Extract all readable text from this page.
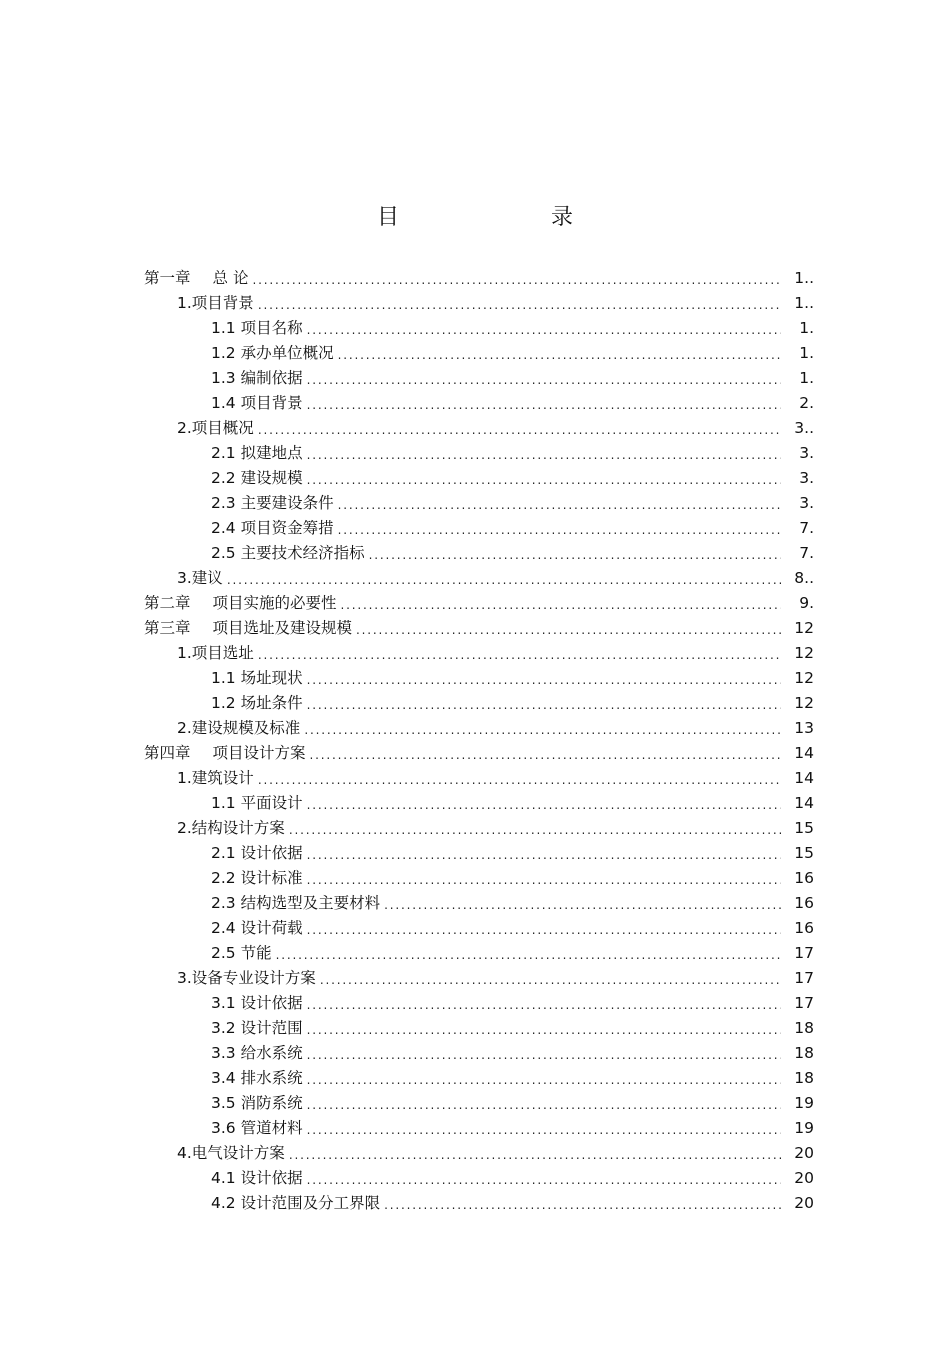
目　　录
第一章 总 论 . . .	1..
1.项目背景 . . .	1..
1.1 项目名称 . . .	1.
1.2 承办单位概况 . . .	1.
1.3 编制依据 . . .	1.
1.4 项目背景 . . .	2.
2.项目概况 . . .	3..
2.1 拟建地点 . . .	3.
2.2 建设规模 . . .	3.
2.3 主要建设条件 . . .	3.
2.4 项目资金筹措 . . .	7.
2.5 主要技术经济指标 . . .	7.
3.建议 . . .	8..
第二章 项目实施的必要性 . . .	9.
第三章 项目选址及建设规模 . . .	12
1.项目选址 . . .	12
1.1 场址现状 . . .	12
1.2 场址条件 . . .	12
2.建设规模及标准 . . .	13
第四章 项目设计方案 . . .	14
1.建筑设计 . . .	14
1.1 平面设计 . . .	14
2.结构设计方案 . . .	15
2.1 设计依据 . . .	15
2.2 设计标准 . . .	16
2.3 结构选型及主要材料 . . .	16
2.4 设计荷载 . . .	16
2.5 节能 . . .	17
3.设备专业设计方案 . . .	17
3.1 设计依据 . . .	17
3.2 设计范围 . . .	18
3.3 给水系统 . . .	18
3.4 排水系统 . . .	18
3.5 消防系统 . . .	19
3.6 管道材料 . . .	19
4.电气设计方案 . . .	20
4.1 设计依据 . . .	20
4.2 设计范围及分工界限 . . .	20
